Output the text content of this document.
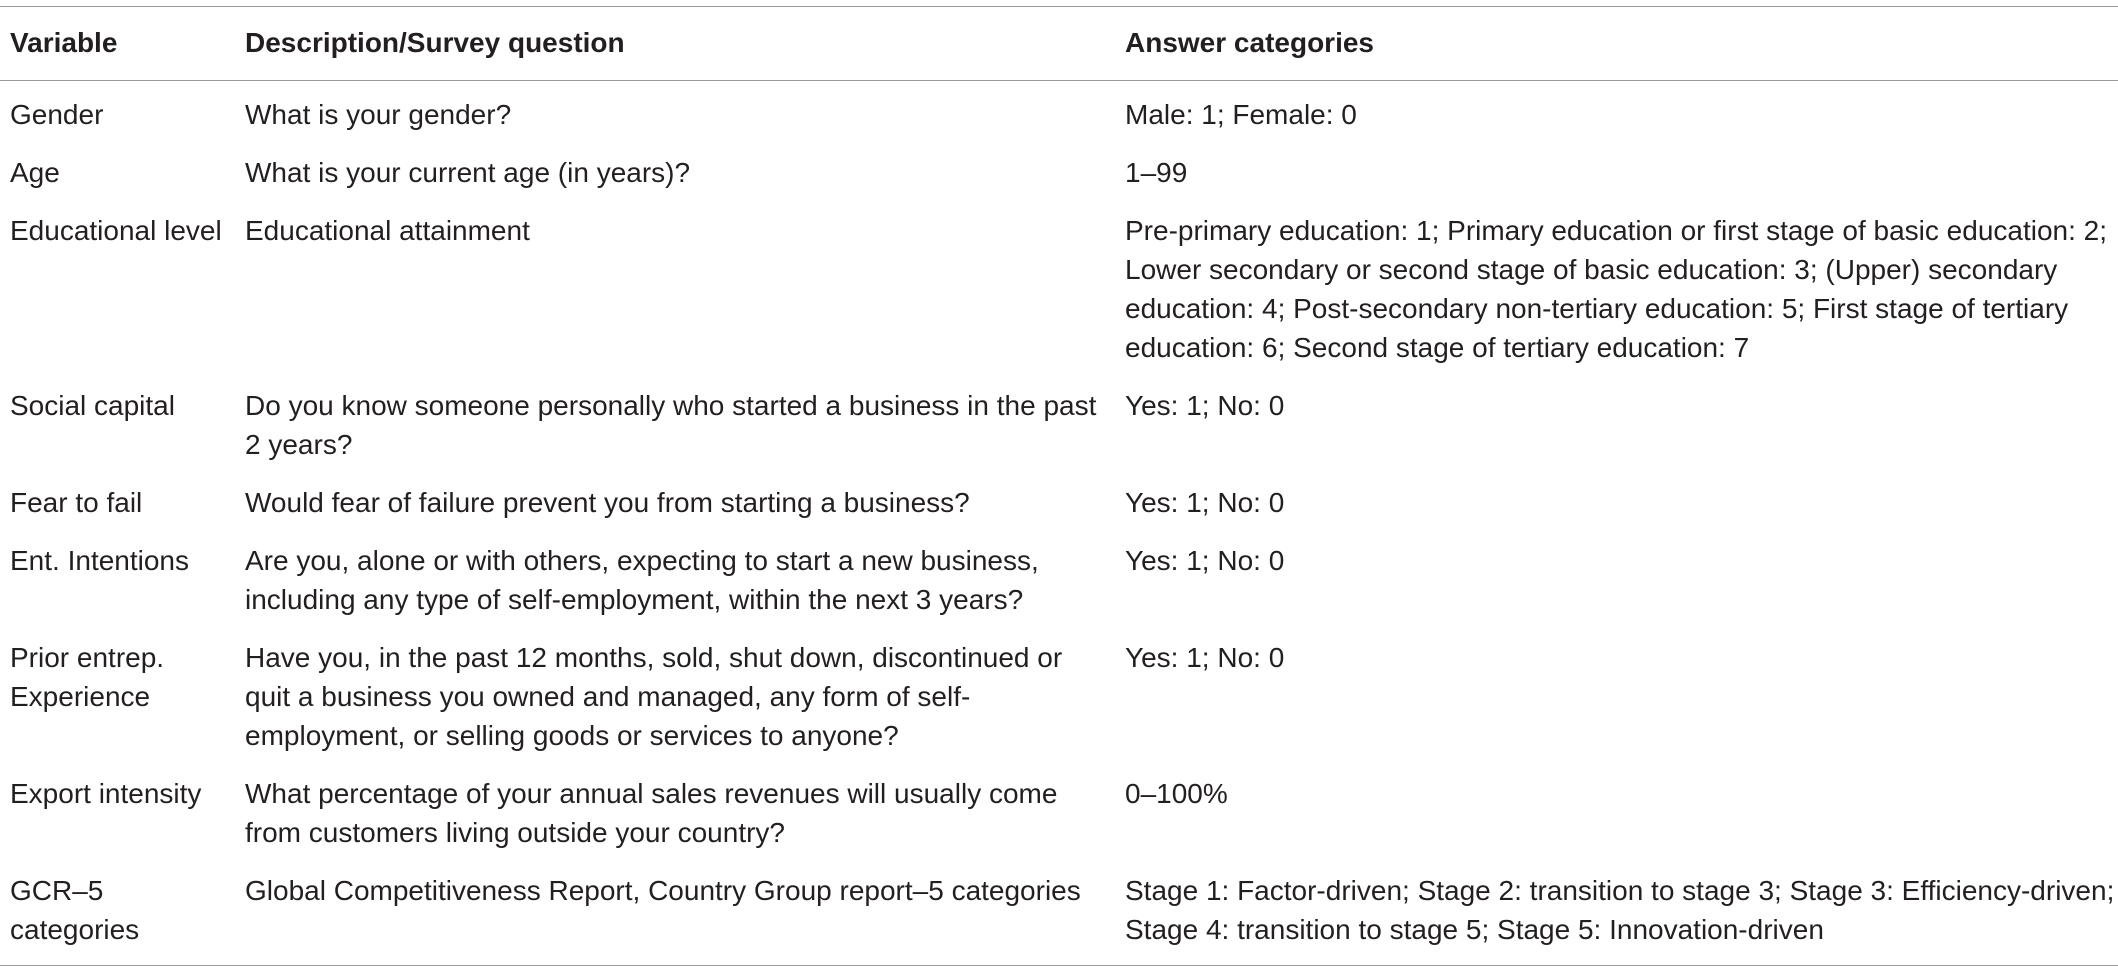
Variable	Description/Survey question	Answer categories
Gender	What is your gender?	Male: 1; Female: 0
Age	What is your current age (in years)?	1–99
Educational level	Educational attainment	Pre-primary education: 1; Primary education or first stage of basic education: 2; Lower secondary or second stage of basic education: 3; (Upper) secondary education: 4; Post-secondary non-tertiary education: 5; First stage of tertiary education: 6; Second stage of tertiary education: 7
Social capital	Do you know someone personally who started a business in the past 2 years?	Yes: 1; No: 0
Fear to fail	Would fear of failure prevent you from starting a business?	Yes: 1; No: 0
Ent. Intentions	Are you, alone or with others, expecting to start a new business, including any type of self-employment, within the next 3 years?	Yes: 1; No: 0
Prior entrep. Experience	Have you, in the past 12 months, sold, shut down, discontinued or quit a business you owned and managed, any form of self-employment, or selling goods or services to anyone?	Yes: 1; No: 0
Export intensity	What percentage of your annual sales revenues will usually come from customers living outside your country?	0–100%
GCR–5 categories	Global Competitiveness Report, Country Group report–5 categories	Stage 1: Factor-driven; Stage 2: transition to stage 3; Stage 3: Efficiency-driven; Stage 4: transition to stage 5; Stage 5: Innovation-driven
